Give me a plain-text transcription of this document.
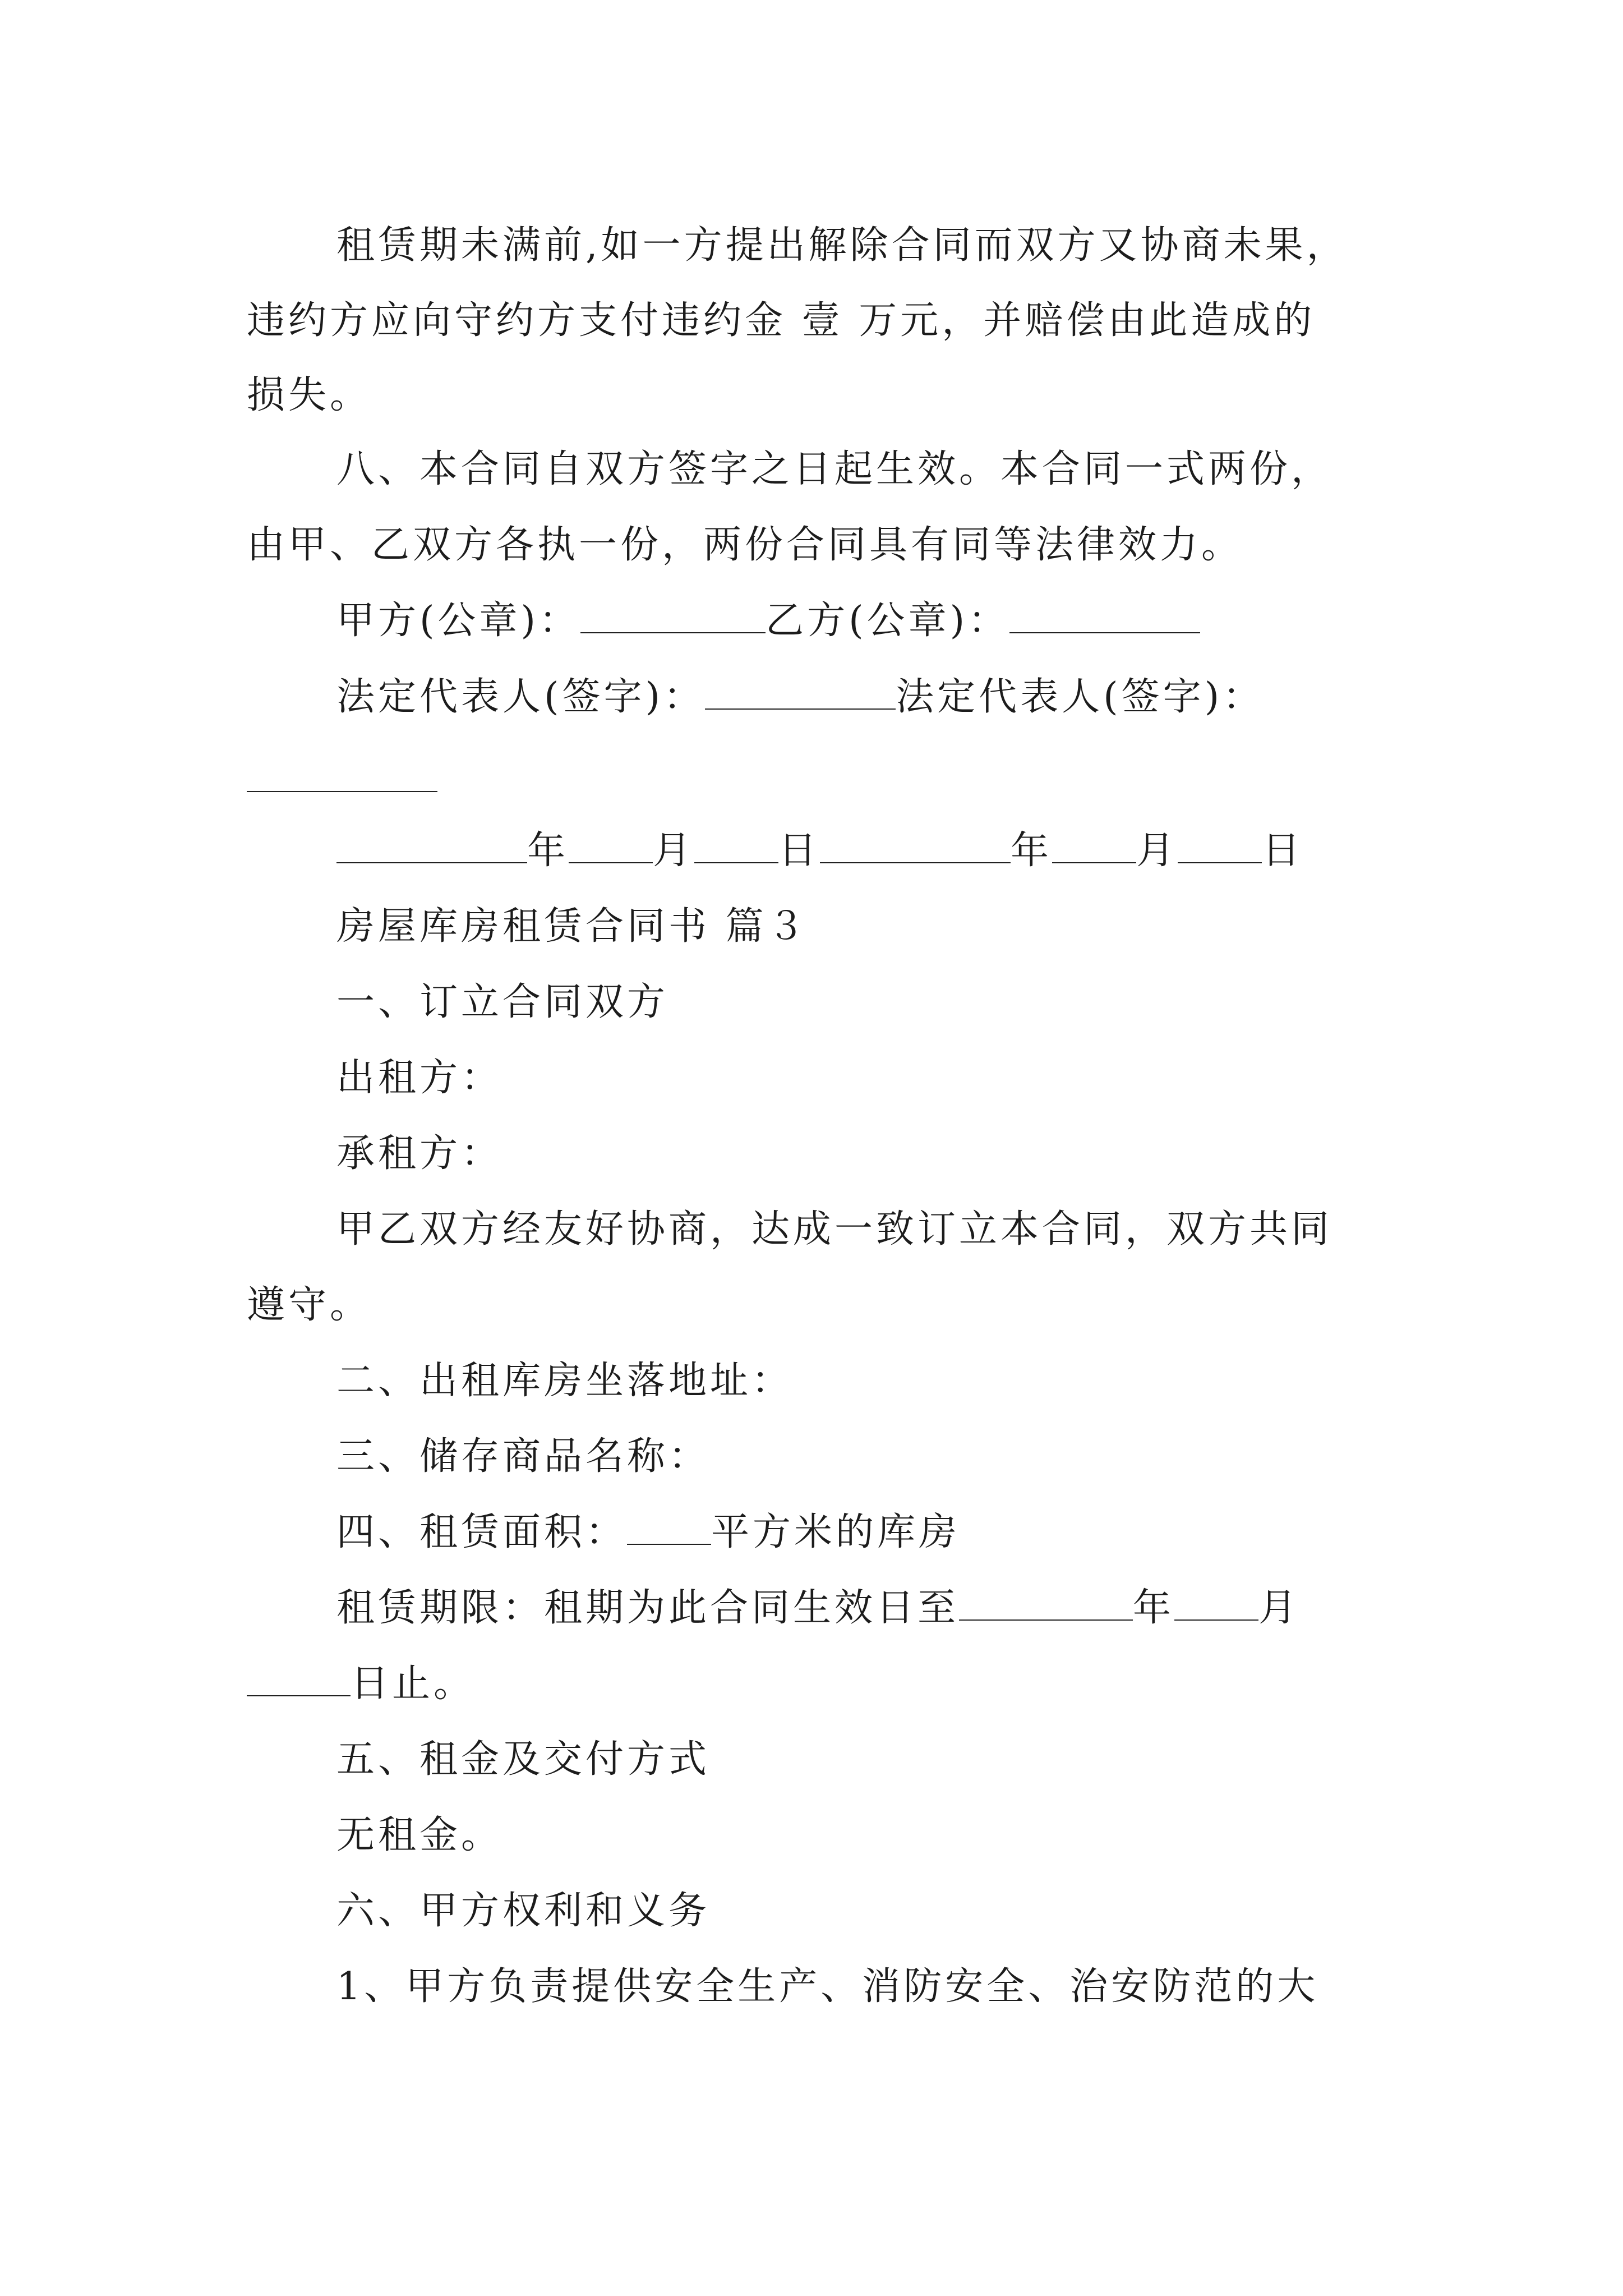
租赁期未满前,如一方提出解除合同而双方又协商未果，

违约方应向守约方支付违约金 壹 万元，并赔偿由此造成的

损失。

八、本合同自双方签字之日起生效。本合同一式两份，

由甲、乙双方各执一份，两份合同具有同等法律效力。

甲方(公章)：	乙方(公章)：

法定代表人(签字)：	法定代表人(签字)：

年 月 日	年 月 日

房屋库房租赁合同书 篇３

一、订立合同双方

出租方：

承租方：

甲乙双方经友好协商，达成一致订立本合同，双方共同

遵守。

二、出租库房坐落地址：

三、储存商品名称：

四、租赁面积： 平方米的库房

租赁期限：租期为此合同生效日至	年 月

日止。

五、租金及交付方式

无租金。

六、甲方权利和义务

1、甲方负责提供安全生产、消防安全、治安防范的大
